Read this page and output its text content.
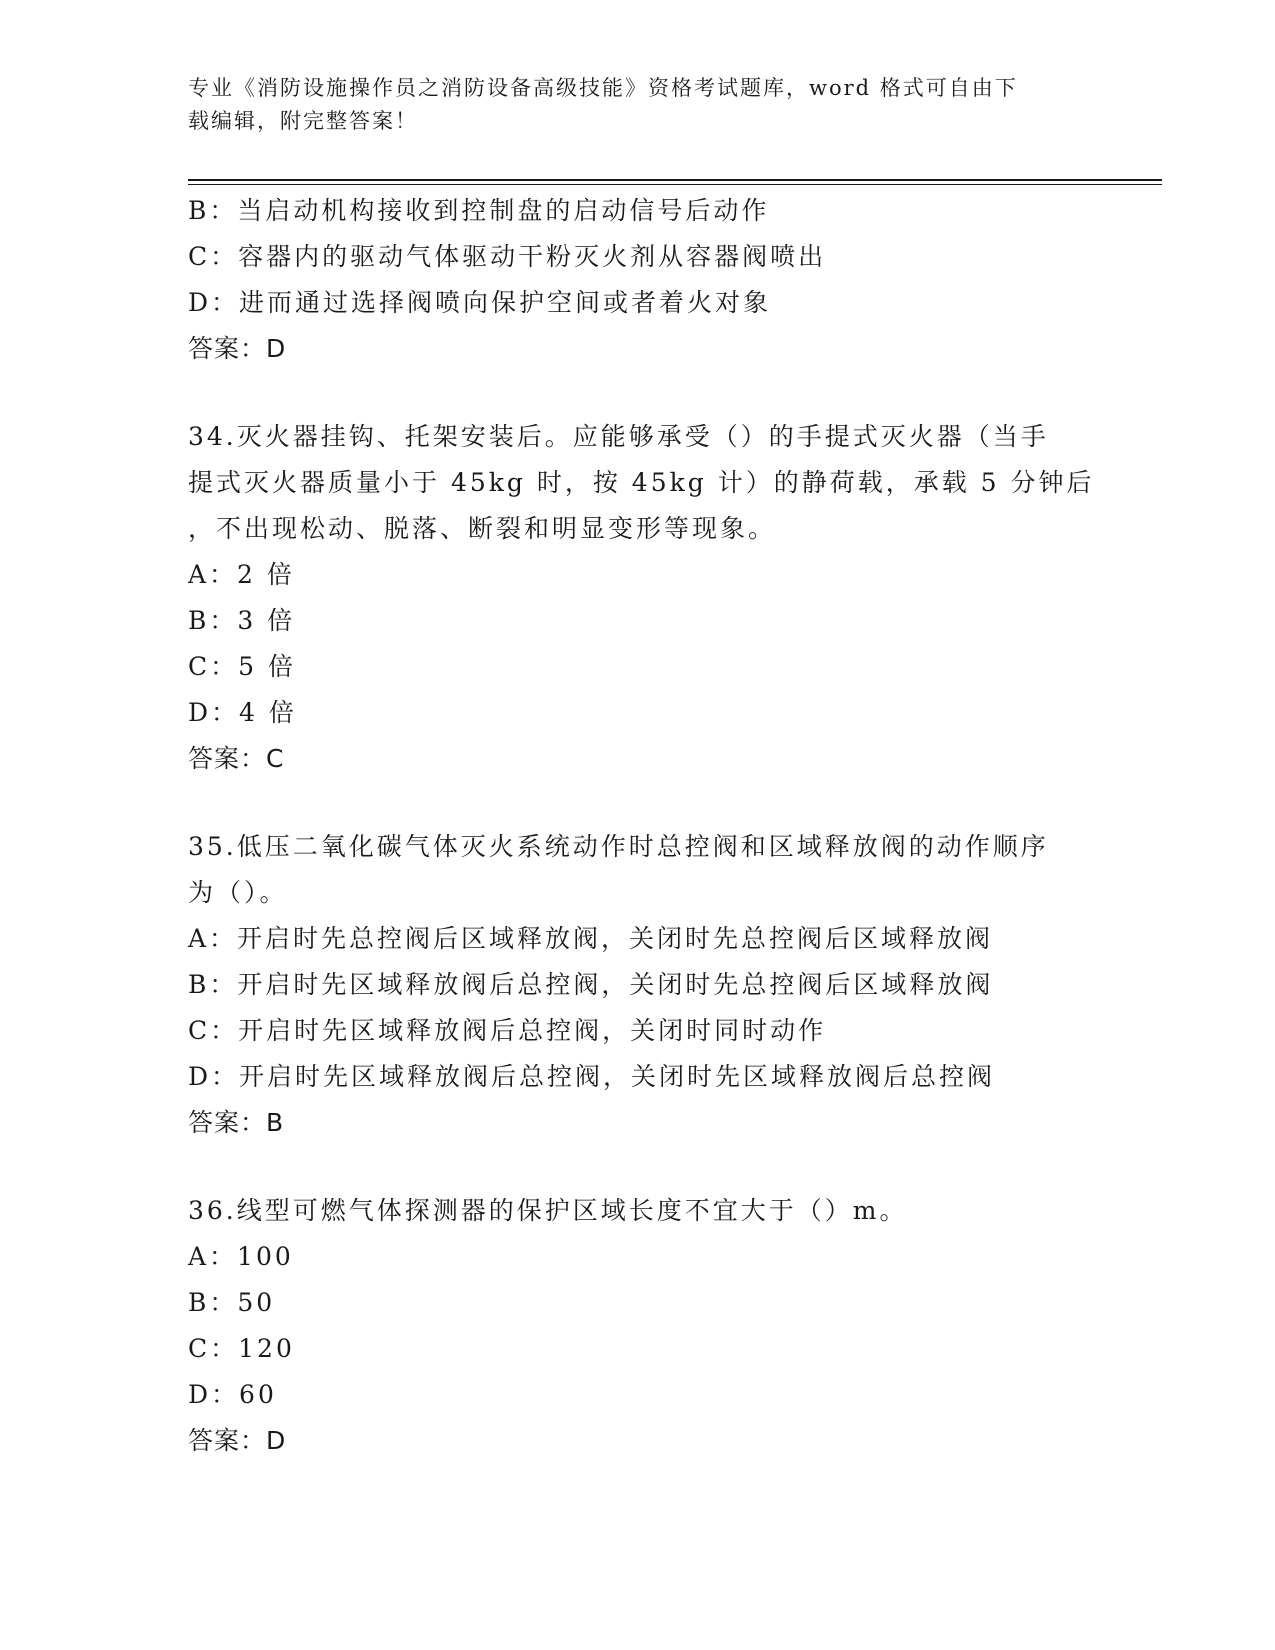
专业《消防设施操作员之消防设备高级技能》资格考试题库，word 格式可自由下

载编辑，附完整答案！

B：当启动机构接收到控制盘的启动信号后动作
C：容器内的驱动气体驱动干粉灭火剂从容器阀喷出
D：进而通过选择阀喷向保护空间或者着火对象
答案：D
34.灭火器挂钩、托架安装后。应能够承受（）的手提式灭火器（当手
提式灭火器质量小于 45kg 时，按 45kg 计）的静荷载，承载 5 分钟后
，不出现松动、脱落、断裂和明显变形等现象。
A：2 倍
B：3 倍
C：5 倍
D：4 倍
答案：C
35.低压二氧化碳气体灭火系统动作时总控阀和区域释放阀的动作顺序
为（）。
A：开启时先总控阀后区域释放阀，关闭时先总控阀后区域释放阀
B：开启时先区域释放阀后总控阀，关闭时先总控阀后区域释放阀
C：开启时先区域释放阀后总控阀，关闭时同时动作
D：开启时先区域释放阀后总控阀，关闭时先区域释放阀后总控阀
答案：B
36.线型可燃气体探测器的保护区域长度不宜大于（）m。
A：100
B：50
C：120
D：60
答案：D
